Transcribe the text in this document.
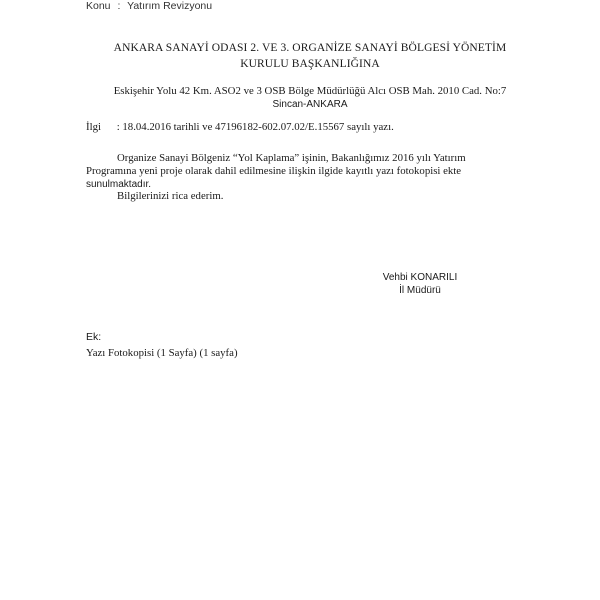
Konu : Yatırım Revizyonu
ANKARA SANAYİ ODASI 2. VE 3. ORGANİZE SANAYİ BÖLGESİ YÖNETİM
KURULU BAŞKANLIĞINA
Eskişehir Yolu 42 Km. ASO2 ve 3 OSB Bölge Müdürlüğü Alcı OSB Mah. 2010 Cad. No:7
Sincan-ANKARA
İlgi : 18.04.2016 tarihli ve 47196182-602.07.02/E.15567 sayılı yazı.

Organize Sanayi Bölgeniz “Yol Kaplama” işinin, Bakanlığımız 2016 yılı Yatırım

Programına yeni proje olarak dahil edilmesine ilişkin ilgide kayıtlı yazı fotokopisi ekte

sunulmaktadır.

Bilgilerinizi rica ederim.
Vehbi KONARILI
İl Müdürü
Ek:
Yazı Fotokopisi (1 Sayfa) (1 sayfa)
